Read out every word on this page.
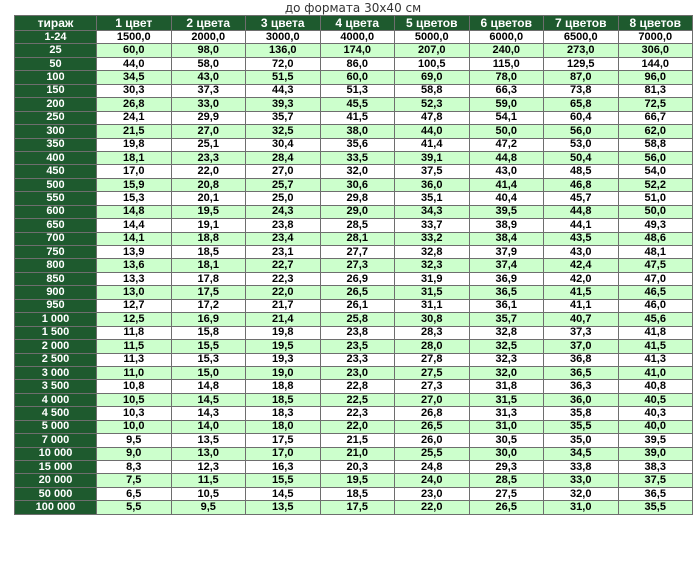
до формата 30х40 см
тираж	1 цвет	2 цвета	3 цвета	4 цвета	5 цветов	6 цветов	7 цветов	8 цветов
1-24	1500,0	2000,0	3000,0	4000,0	5000,0	6000,0	6500,0	7000,0
25	60,0	98,0	136,0	174,0	207,0	240,0	273,0	306,0
50	44,0	58,0	72,0	86,0	100,5	115,0	129,5	144,0
100	34,5	43,0	51,5	60,0	69,0	78,0	87,0	96,0
150	30,3	37,3	44,3	51,3	58,8	66,3	73,8	81,3
200	26,8	33,0	39,3	45,5	52,3	59,0	65,8	72,5
250	24,1	29,9	35,7	41,5	47,8	54,1	60,4	66,7
300	21,5	27,0	32,5	38,0	44,0	50,0	56,0	62,0
350	19,8	25,1	30,4	35,6	41,4	47,2	53,0	58,8
400	18,1	23,3	28,4	33,5	39,1	44,8	50,4	56,0
450	17,0	22,0	27,0	32,0	37,5	43,0	48,5	54,0
500	15,9	20,8	25,7	30,6	36,0	41,4	46,8	52,2
550	15,3	20,1	25,0	29,8	35,1	40,4	45,7	51,0
600	14,8	19,5	24,3	29,0	34,3	39,5	44,8	50,0
650	14,4	19,1	23,8	28,5	33,7	38,9	44,1	49,3
700	14,1	18,8	23,4	28,1	33,2	38,4	43,5	48,6
750	13,9	18,5	23,1	27,7	32,8	37,9	43,0	48,1
800	13,6	18,1	22,7	27,3	32,3	37,4	42,4	47,5
850	13,3	17,8	22,3	26,9	31,9	36,9	42,0	47,0
900	13,0	17,5	22,0	26,5	31,5	36,5	41,5	46,5
950	12,7	17,2	21,7	26,1	31,1	36,1	41,1	46,0
1 000	12,5	16,9	21,4	25,8	30,8	35,7	40,7	45,6
1 500	11,8	15,8	19,8	23,8	28,3	32,8	37,3	41,8
2 000	11,5	15,5	19,5	23,5	28,0	32,5	37,0	41,5
2 500	11,3	15,3	19,3	23,3	27,8	32,3	36,8	41,3
3 000	11,0	15,0	19,0	23,0	27,5	32,0	36,5	41,0
3 500	10,8	14,8	18,8	22,8	27,3	31,8	36,3	40,8
4 000	10,5	14,5	18,5	22,5	27,0	31,5	36,0	40,5
4 500	10,3	14,3	18,3	22,3	26,8	31,3	35,8	40,3
5 000	10,0	14,0	18,0	22,0	26,5	31,0	35,5	40,0
7 000	9,5	13,5	17,5	21,5	26,0	30,5	35,0	39,5
10 000	9,0	13,0	17,0	21,0	25,5	30,0	34,5	39,0
15 000	8,3	12,3	16,3	20,3	24,8	29,3	33,8	38,3
20 000	7,5	11,5	15,5	19,5	24,0	28,5	33,0	37,5
50 000	6,5	10,5	14,5	18,5	23,0	27,5	32,0	36,5
100 000	5,5	9,5	13,5	17,5	22,0	26,5	31,0	35,5
